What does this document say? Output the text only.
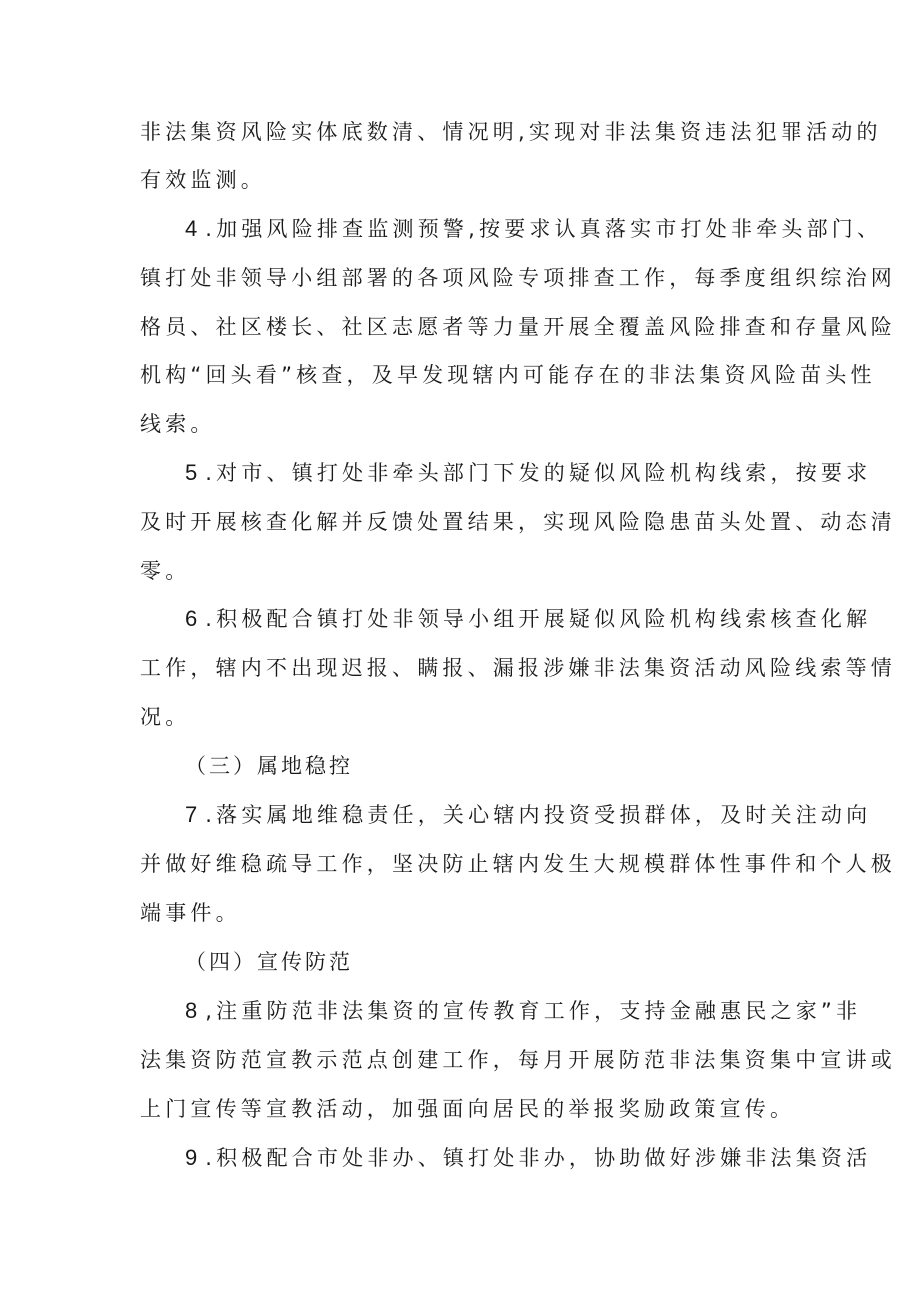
非法集资风险实体底数清、情况明,实现对非法集资违法犯罪活动的
有效监测。
4 .加强风险排查监测预警,按要求认真落实市打处非牵头部门、
镇打处非领导小组部署的各项风险专项排查工作，每季度组织综治网
格员、社区楼长、社区志愿者等力量开展全覆盖风险排查和存量风险
机构“回头看”核查，及早发现辖内可能存在的非法集资风险苗头性
线索。
5 .对市、镇打处非牵头部门下发的疑似风险机构线索，按要求
及时开展核查化解并反馈处置结果，实现风险隐患苗头处置、动态清
零。
6 .积极配合镇打处非领导小组开展疑似风险机构线索核查化解
工作，辖内不出现迟报、瞒报、漏报涉嫌非法集资活动风险线索等情
况。
（三）属地稳控
7 .落实属地维稳责任，关心辖内投资受损群体，及时关注动向
并做好维稳疏导工作，坚决防止辖内发生大规模群体性事件和个人极
端事件。
（四）宣传防范
8 ,注重防范非法集资的宣传教育工作，支持金融惠民之家”非
法集资防范宣教示范点创建工作，每月开展防范非法集资集中宣讲或
上门宣传等宣教活动，加强面向居民的举报奖励政策宣传。
9 .积极配合市处非办、镇打处非办，协助做好涉嫌非法集资活
